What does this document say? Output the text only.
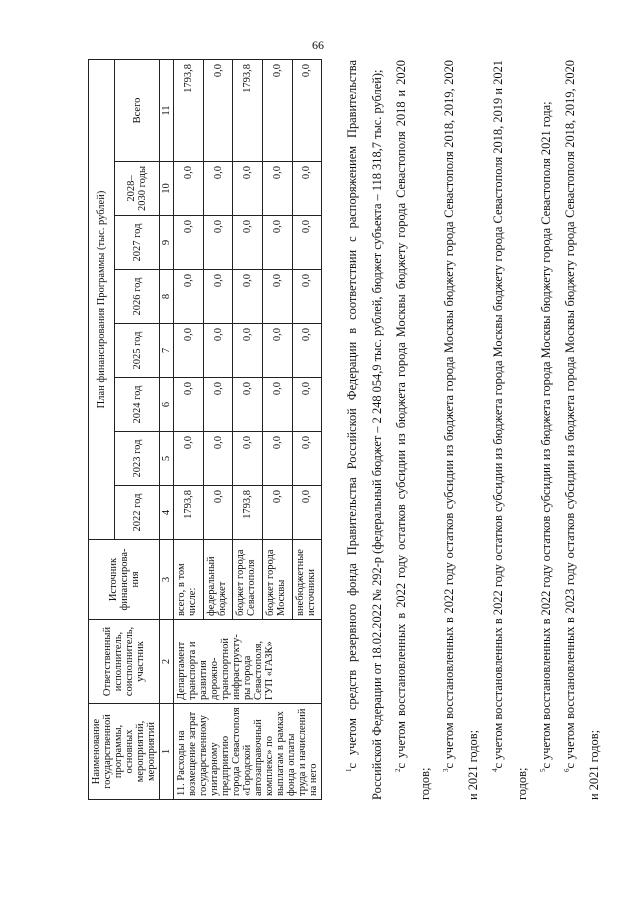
66
Наименование государственной программы, основных мероприятий, мероприятий	Ответственный исполнитель, соисполнитель, участник	Источник финансирова-ния	План финансирования Программы (тыс. рублей)							
			2022 год	2023 год	2024 год	2025 год	2026 год	2027 год	2028– 2030 годы	Всего
1	2	3	4	5	6	7	8	9	10	11
11. Расходы на возмещение затрат государственному унитарному предприятию города Севастополя «Городской автозаправочный комплекс» по выплатам в рамках фонда оплаты труда и начислений на него	Департамент транспорта и развития дорожно-транспортной инфраструкту-ры города Севастополя, ГУП «ГАЗК»	всего, в том числе:	1793,8	0,0	0,0	0,0	0,0	0,0	0,0	1793,8
		федеральный бюджет	0,0	0,0	0,0	0,0	0,0	0,0	0,0	0,0
		бюджет города Севастополя	1793,8	0,0	0,0	0,0	0,0	0,0	0,0	1793,8
		бюджет города Москвы	0,0	0,0	0,0	0,0	0,0	0,0	0,0	0,0
		внебюджетные источники	0,0	0,0	0,0	0,0	0,0	0,0	0,0	0,0

$^1$с учетом средств резервного фонда Правительства Российской Федерации в соответствии с распоряжением Правительства Российской Федерации от 18.02.2022 № 292-р (федеральный бюджет – 2 248 054,9 тыс. рублей, бюджет субъекта – 118 318,7 тыс. рублей);	$^2$с учетом восстановленных в 2022 году остатков субсидии из бюджета города Москвы бюджету города Севастополя 2018 и 2020 годов;	$^3$с учетом восстановленных в 2022 году остатков субсидии из бюджета города Москвы бюджету города Севастополя 2018, 2019, 2020 и 2021 годов;	$^4$с учетом восстановленных в 2022 году остатков субсидии из бюджета города Москвы бюджету города Севастополя 2018, 2019 и 2021 годов;	$^5$с учетом восстановленных в 2022 году остатков субсидии из бюджета города Москвы бюджету города Севастополя 2021 года;

$^6$с учетом восстановленных в 2023 году остатков субсидии из бюджета города Москвы бюджету города Севастополя 2018, 2019, 2020 и 2021 годов;
